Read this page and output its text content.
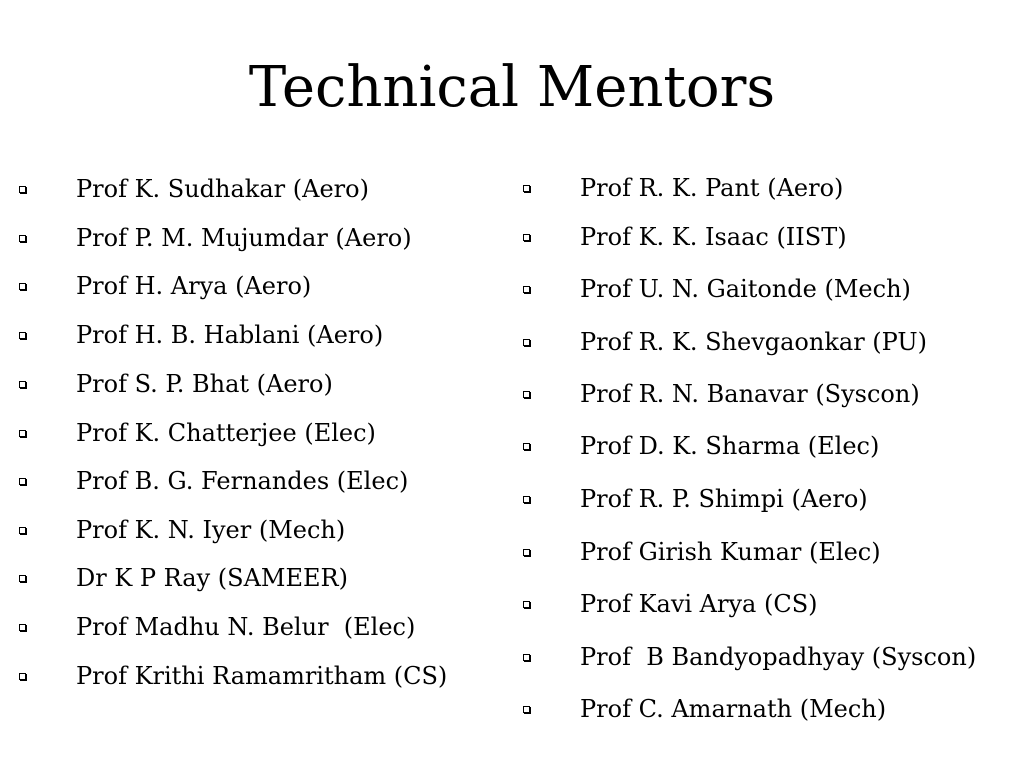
Technical Mentors
Prof K. Sudhakar (Aero)
Prof P. M. Mujumdar (Aero)
Prof H. Arya (Aero)
Prof H. B. Hablani (Aero)
Prof S. P. Bhat (Aero)
Prof K. Chatterjee (Elec)
Prof B. G. Fernandes (Elec)
Prof K. N. Iyer (Mech)
Dr K P Ray (SAMEER)
Prof Madhu N. Belur  (Elec)
Prof Krithi Ramamritham (CS)
Prof R. K. Pant (Aero)
Prof K. K. Isaac (IIST)
Prof U. N. Gaitonde (Mech)
Prof R. K. Shevgaonkar (PU)
Prof R. N. Banavar (Syscon)
Prof D. K. Sharma (Elec)
Prof R. P. Shimpi (Aero)
Prof Girish Kumar (Elec)
Prof Kavi Arya (CS)
Prof  B Bandyopadhyay (Syscon)
Prof C. Amarnath (Mech)
